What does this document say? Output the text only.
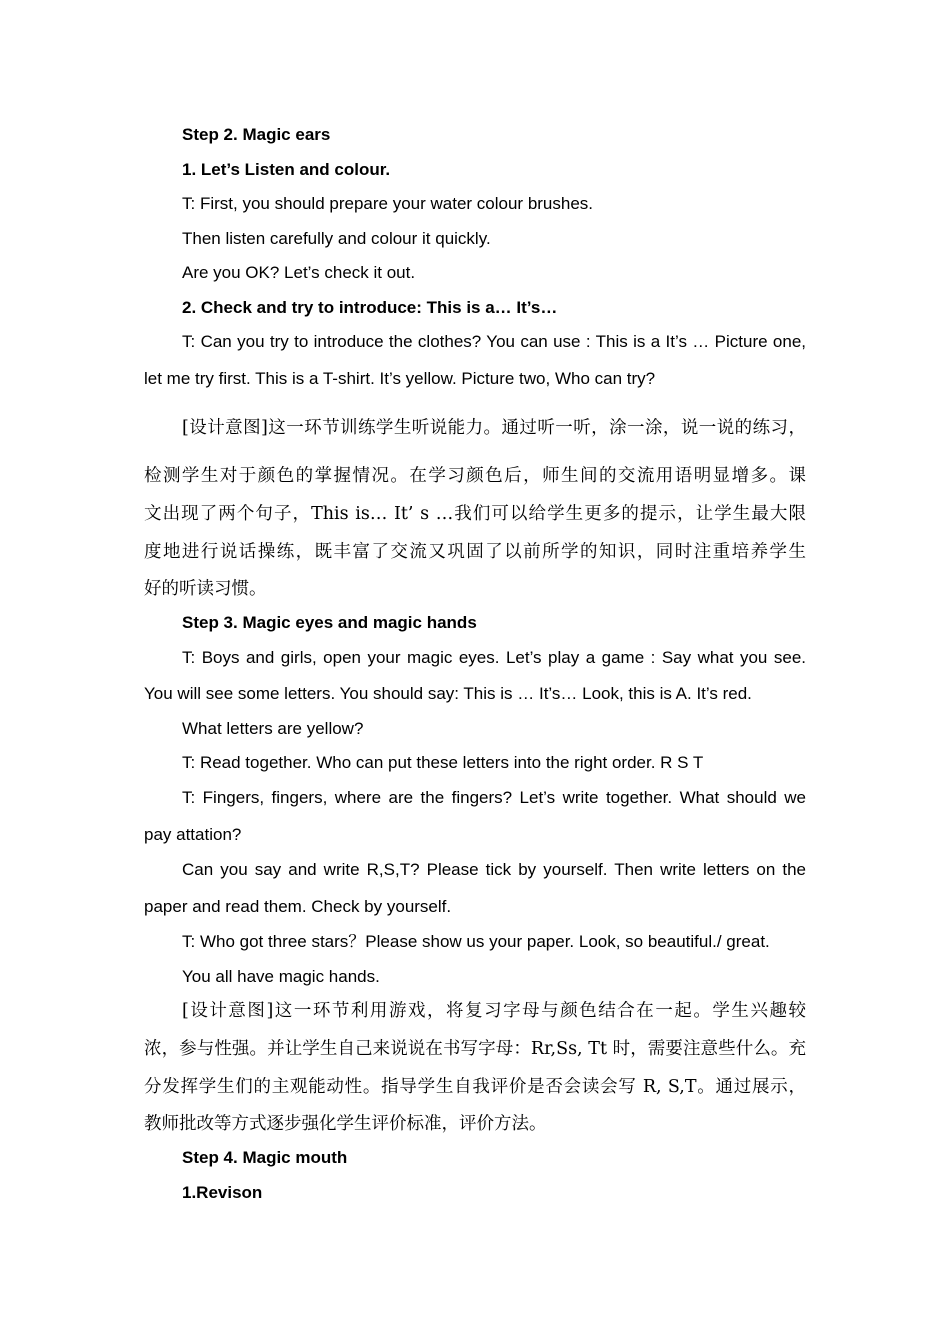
Step 2. Magic ears
1. Let’s Listen and colour.
T: First, you should prepare your water colour brushes.
Then listen carefully and colour it quickly.
Are you OK? Let’s check it out.
2. Check and try to introduce: This is a… It’s…
T: Can you try to introduce the clothes? You can use : This is a It’s … Picture one,
let me try first. This is a T-shirt. It’s yellow. Picture two, Who can try?
[设计意图]这一环节训练学生听说能力。通过听一听，涂一涂，说一说的练习，
检测学生对于颜色的掌握情况。在学习颜色后，师生间的交流用语明显增多。课
文出现了两个句子，This is… It’ s …我们可以给学生更多的提示，让学生最大限
度地进行说话操练，既丰富了交流又巩固了以前所学的知识，同时注重培养学生
好的听读习惯。
Step 3. Magic eyes and magic hands
T: Boys and girls, open your magic eyes. Let’s play a game : Say what you see.
You will see some letters. You should say: This is … It’s… Look, this is A. It’s red.
What letters are yellow?
T: Read together. Who can put these letters into the right order. R S T
T: Fingers, fingers, where are the fingers? Let’s write together. What should we
pay attation?
Can you say and write R,S,T? Please tick by yourself. Then write letters on the
paper and read them. Check by yourself.
T: Who got three stars？Please show us your paper. Look, so beautiful./ great.
You all have magic hands.
[设计意图]这一环节利用游戏，将复习字母与颜色结合在一起。学生兴趣较
浓，参与性强。并让学生自己来说说在书写字母：Rr,Ss, Tt 时，需要注意些什么。充
分发挥学生们的主观能动性。指导学生自我评价是否会读会写 R, S,T。通过展示，
教师批改等方式逐步强化学生评价标准，评价方法。
Step 4. Magic mouth
1.Revison
